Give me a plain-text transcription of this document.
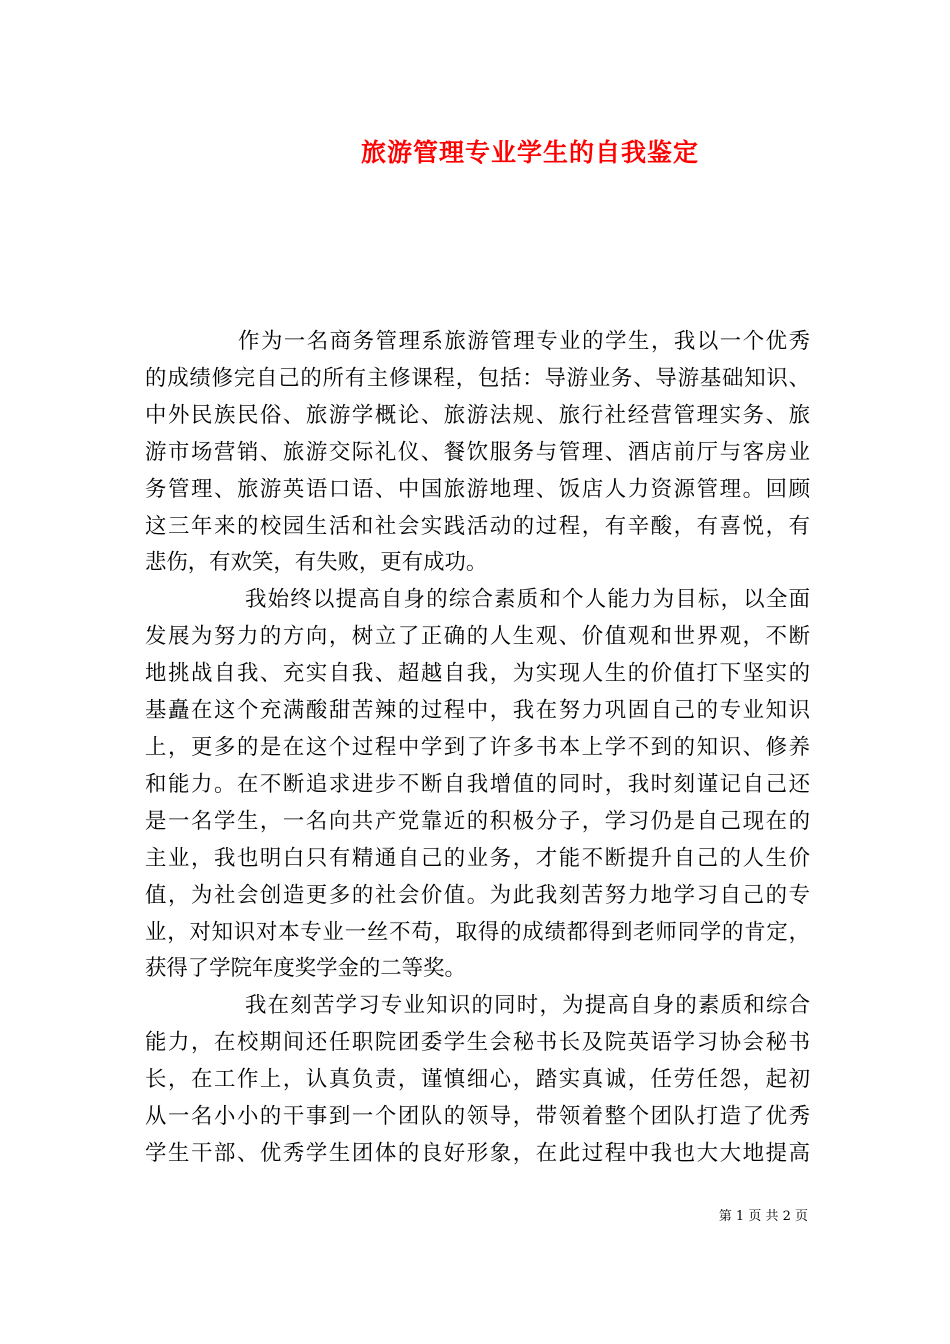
旅游管理专业学生的自我鉴定

作为一名商务管理系旅游管理专业的学生，我以一个优秀
的成绩修完自己的所有主修课程，包括：导游业务、导游基础知识、
中外民族民俗、旅游学概论、旅游法规、旅行社经营管理实务、旅
游市场营销、旅游交际礼仪、餐饮服务与管理、酒店前厅与客房业
务管理、旅游英语口语、中国旅游地理、饭店人力资源管理。回顾
这三年来的校园生活和社会实践活动的过程，有辛酸，有喜悦，有
悲伤，有欢笑，有失败，更有成功。

我始终以提高自身的综合素质和个人能力为目标，以全面
发展为努力的方向，树立了正确的人生观、价值观和世界观，不断
地挑战自我、充实自我、超越自我，为实现人生的价值打下坚实的
基矗在这个充满酸甜苦辣的过程中，我在努力巩固自己的专业知识
上，更多的是在这个过程中学到了许多书本上学不到的知识、修养
和能力。在不断追求进步不断自我增值的同时，我时刻谨记自己还
是一名学生，一名向共产党靠近的积极分子，学习仍是自己现在的
主业，我也明白只有精通自己的业务，才能不断提升自己的人生价
值，为社会创造更多的社会价值。为此我刻苦努力地学习自己的专
业，对知识对本专业一丝不苟，取得的成绩都得到老师同学的肯定，
获得了学院年度奖学金的二等奖。

我在刻苦学习专业知识的同时，为提高自身的素质和综合
能力，在校期间还任职院团委学生会秘书长及院英语学习协会秘书
长，在工作上，认真负责，谨慎细心，踏实真诚，任劳任怨，起初
从一名小小的干事到一个团队的领导，带领着整个团队打造了优秀
学生干部、优秀学生团体的良好形象，在此过程中我也大大地提高

第 1 页 共 2 页
